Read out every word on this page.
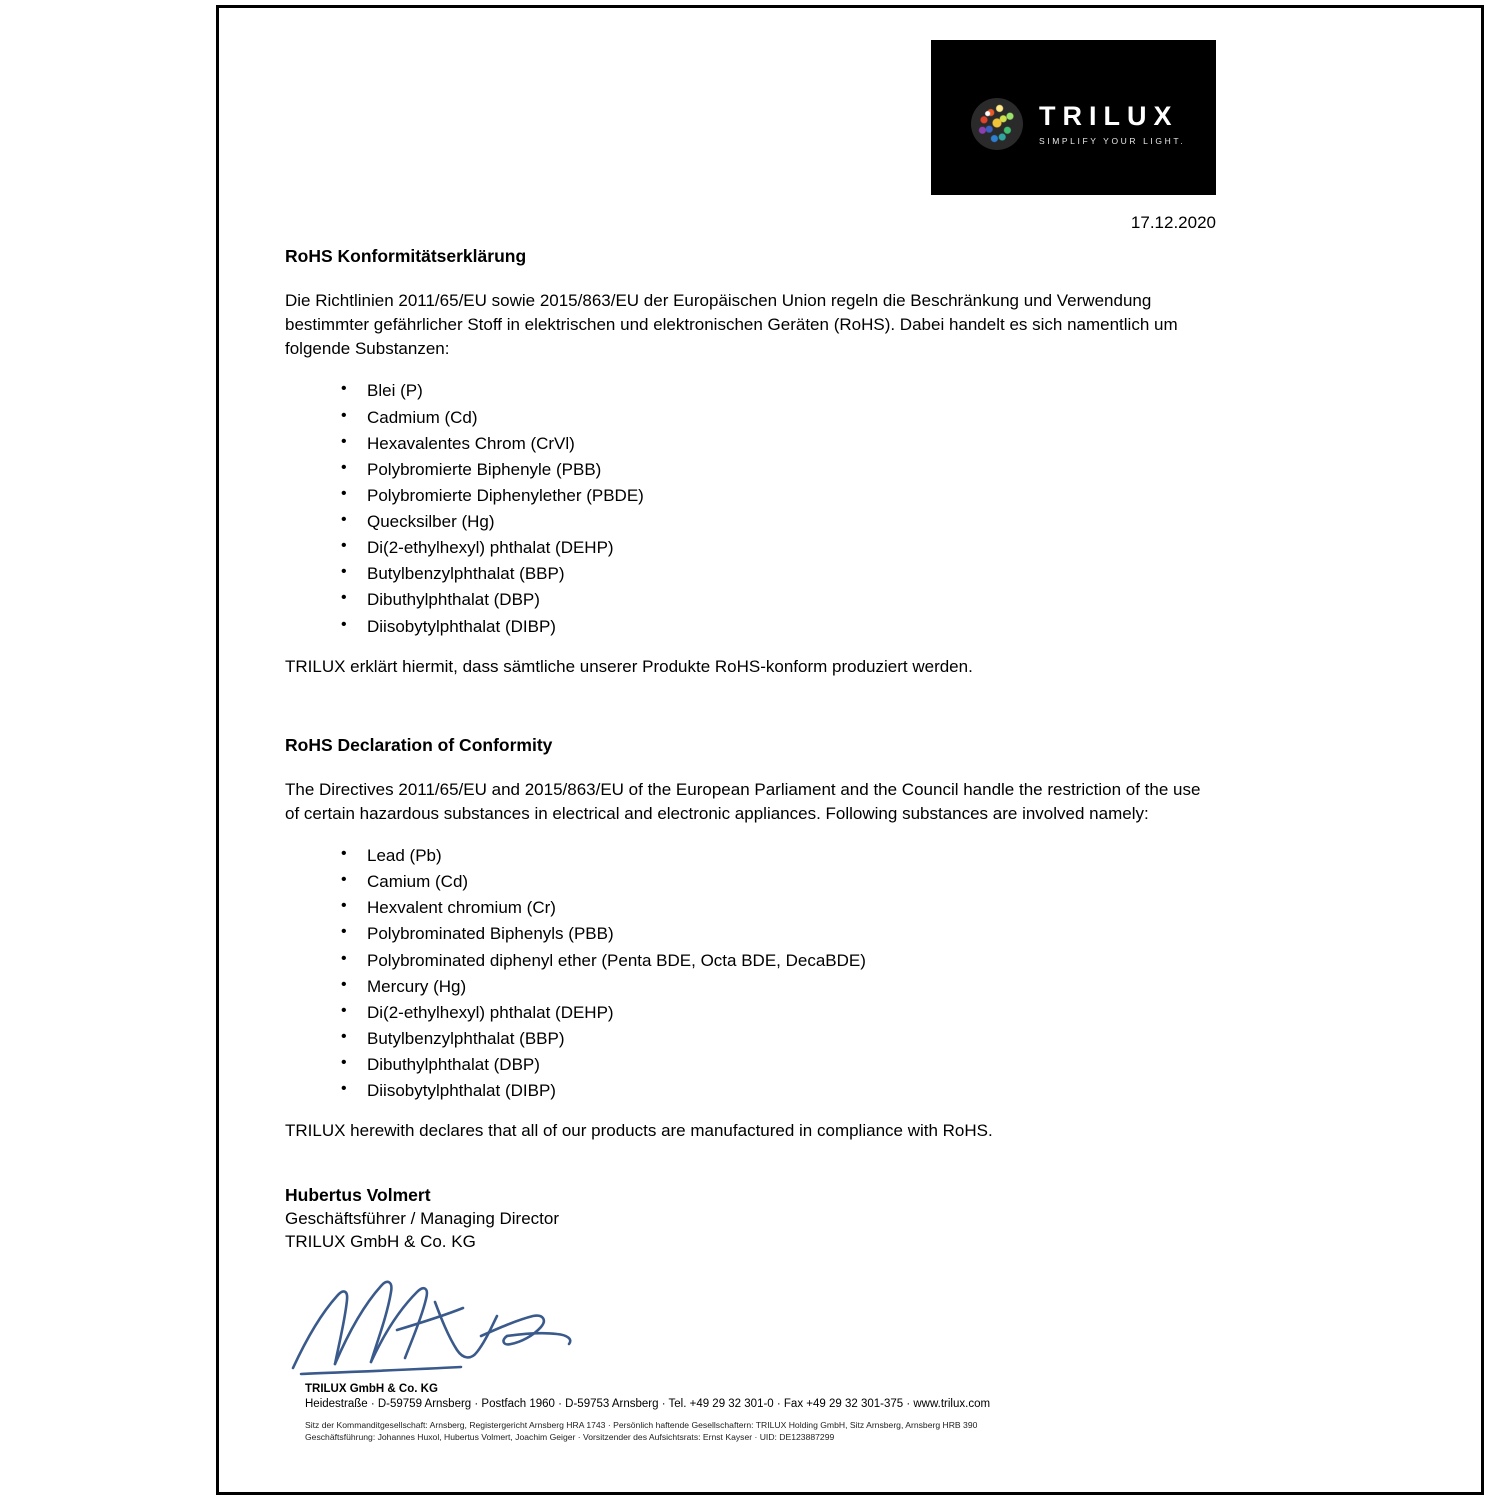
TRILUX
SIMPLIFY YOUR LIGHT.
17.12.2020
RoHS Konformitätserklärung

Die Richtlinien 2011/65/EU sowie 2015/863/EU der Europäischen Union regeln die Beschränkung und Verwendung bestimmter gefährlicher Stoff in elektrischen und elektronischen Geräten (RoHS). Dabei handelt es sich namentlich um folgende Substanzen:

• Blei (P)
• Cadmium (Cd)
• Hexavalentes Chrom (CrVl)
• Polybromierte Biphenyle (PBB)
• Polybromierte Diphenylether (PBDE)
• Quecksilber (Hg)
• Di(2-ethylhexyl) phthalat (DEHP)
• Butylbenzylphthalat (BBP)
• Dibuthylphthalat (DBP)
• Diisobytylphthalat (DIBP)

TRILUX erklärt hiermit, dass sämtliche unserer Produkte RoHS-konform produziert werden.

RoHS Declaration of Conformity

The Directives 2011/65/EU and 2015/863/EU of the European Parliament and the Council handle the restriction of the use of certain hazardous substances in electrical and electronic appliances. Following substances are involved namely:

• Lead (Pb)
• Camium (Cd)
• Hexvalent chromium (Cr)
• Polybrominated Biphenyls (PBB)
• Polybrominated diphenyl ether (Penta BDE, Octa BDE, DecaBDE)
• Mercury (Hg)
• Di(2-ethylhexyl) phthalat (DEHP)
• Butylbenzylphthalat (BBP)
• Dibuthylphthalat (DBP)
• Diisobytylphthalat (DIBP)

TRILUX herewith declares that all of our products are manufactured in compliance with RoHS.

Hubertus Volmert

Geschäftsführer / Managing Director

TRILUX GmbH & Co. KG

TRILUX GmbH & Co. KG

Heidestraße · D-59759 Arnsberg · Postfach 1960 · D-59753 Arnsberg · Tel. +49 29 32 301-0 · Fax +49 29 32 301-375 · www.trilux.com

Sitz der Kommanditgesellschaft: Arnsberg, Registergericht Arnsberg HRA 1743 · Persönlich haftende Gesellschaftern: TRILUX Holding GmbH, Sitz Arnsberg, Arnsberg HRB 390

Geschäftsführung: Johannes Huxol, Hubertus Volmert, Joachim Geiger · Vorsitzender des Aufsichtsrats: Ernst Kayser · UID: DE123887299
